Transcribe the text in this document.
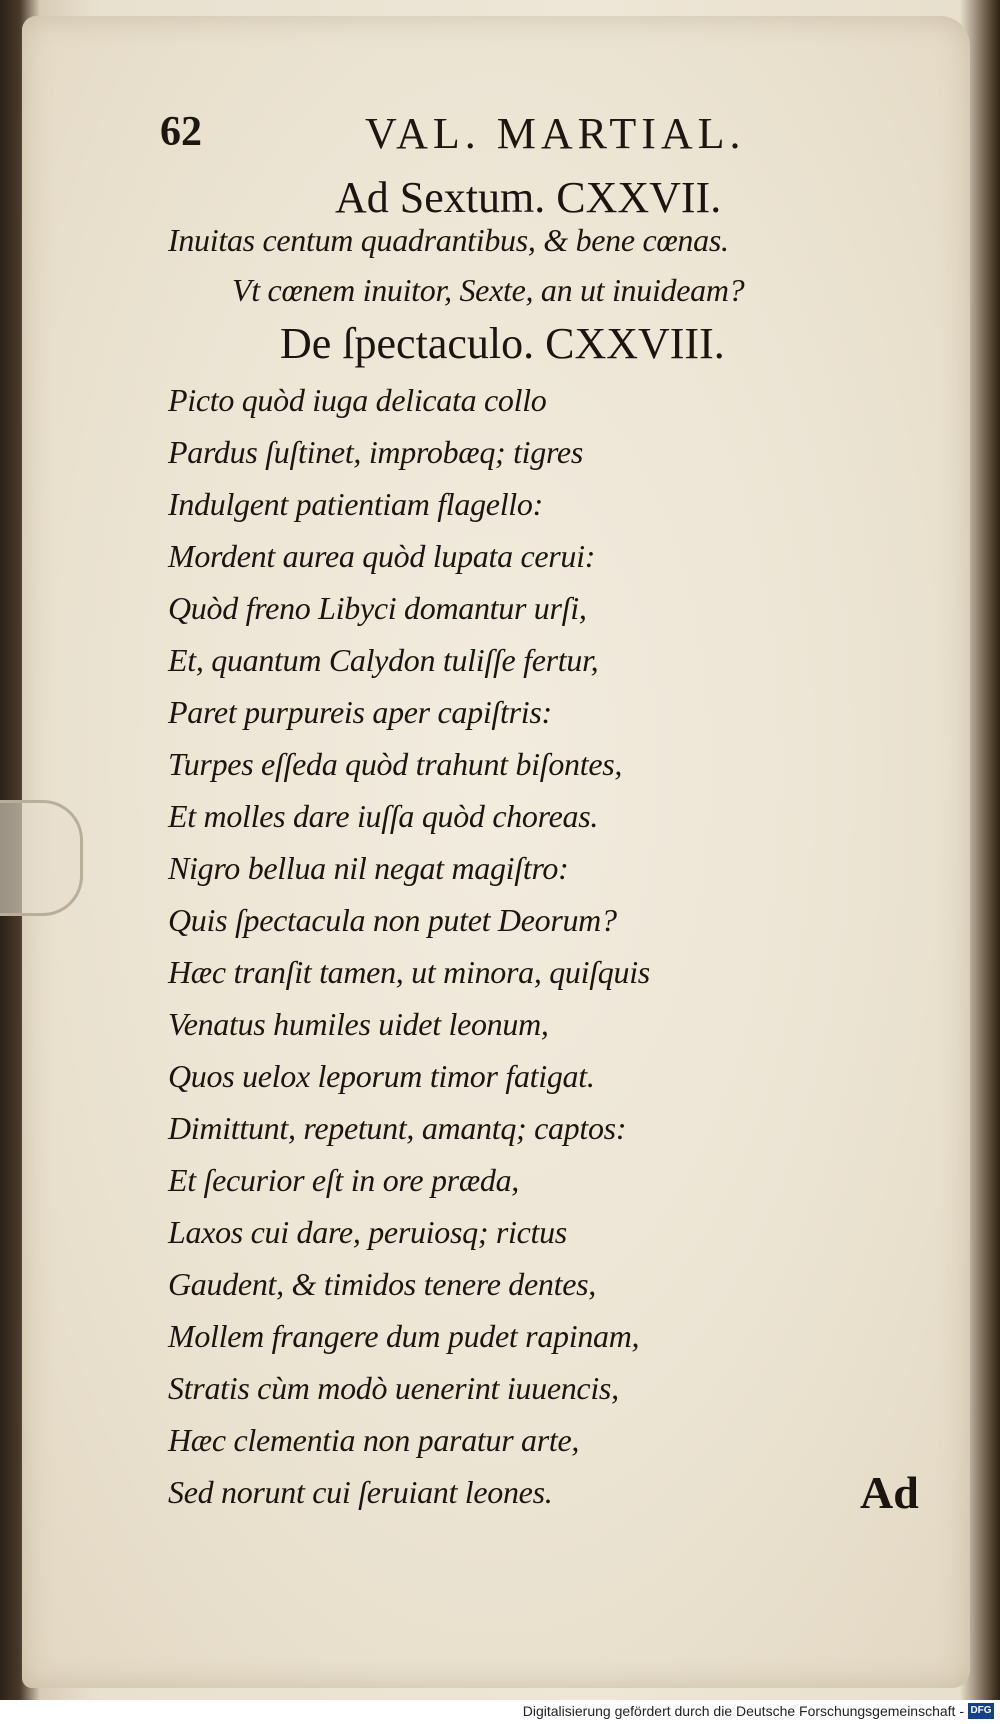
62	VAL. MARTIAL.
Ad Sextum. CXXVII.
Inuitas centum quadrantibus, & bene cœnas.
Vt cœnem inuitor, Sexte, an ut inuideam?
De ſpectaculo. CXXVIII.
Picto quòd iuga delicata collo
Pardus ſuſtinet, improbæq; tigres
Indulgent patientiam flagello:
Mordent aurea quòd lupata cerui:
Quòd freno Libyci domantur urſi,
Et, quantum Calydon tuliſſe fertur,
Paret purpureis aper capiſtris:
Turpes eſſeda quòd trahunt biſontes,
Et molles dare iuſſa quòd choreas.
Nigro bellua nil negat magiſtro:
Quis ſpectacula non putet Deorum?
Hæc tranſit tamen, ut minora, quiſquis
Venatus humiles uidet leonum,
Quos uelox leporum timor fatigat.
Dimittunt, repetunt, amantq; captos:
Et ſecurior eſt in ore præda,
Laxos cui dare, peruiosq; rictus
Gaudent, & timidos tenere dentes,
Mollem frangere dum pudet rapinam,
Stratis cùm modò uenerint iuuencis,
Hæc clementia non paratur arte,
Sed norunt cui ſeruiant leones.	Ad
Digitalisierung gefördert durch die Deutsche Forschungsgemeinschaft - DFG
